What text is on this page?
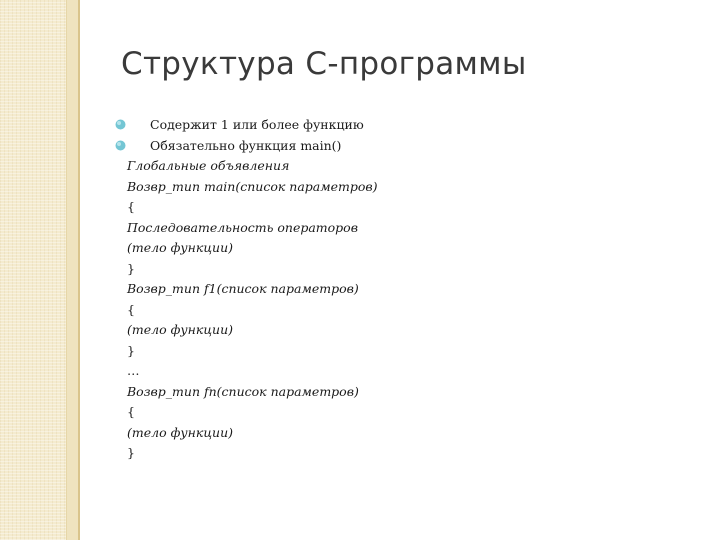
Структура С-программы
Содержит 1 или более функцию
Обязательно функция main()
Глобальные объявления
Возвр_тип main(список параметров)
{
Последовательность операторов
(тело функции)
}
Возвр_тип f1(список параметров)
{
(тело функции)
}
…
Возвр_тип fn(список параметров)
{
(тело функции)
}
